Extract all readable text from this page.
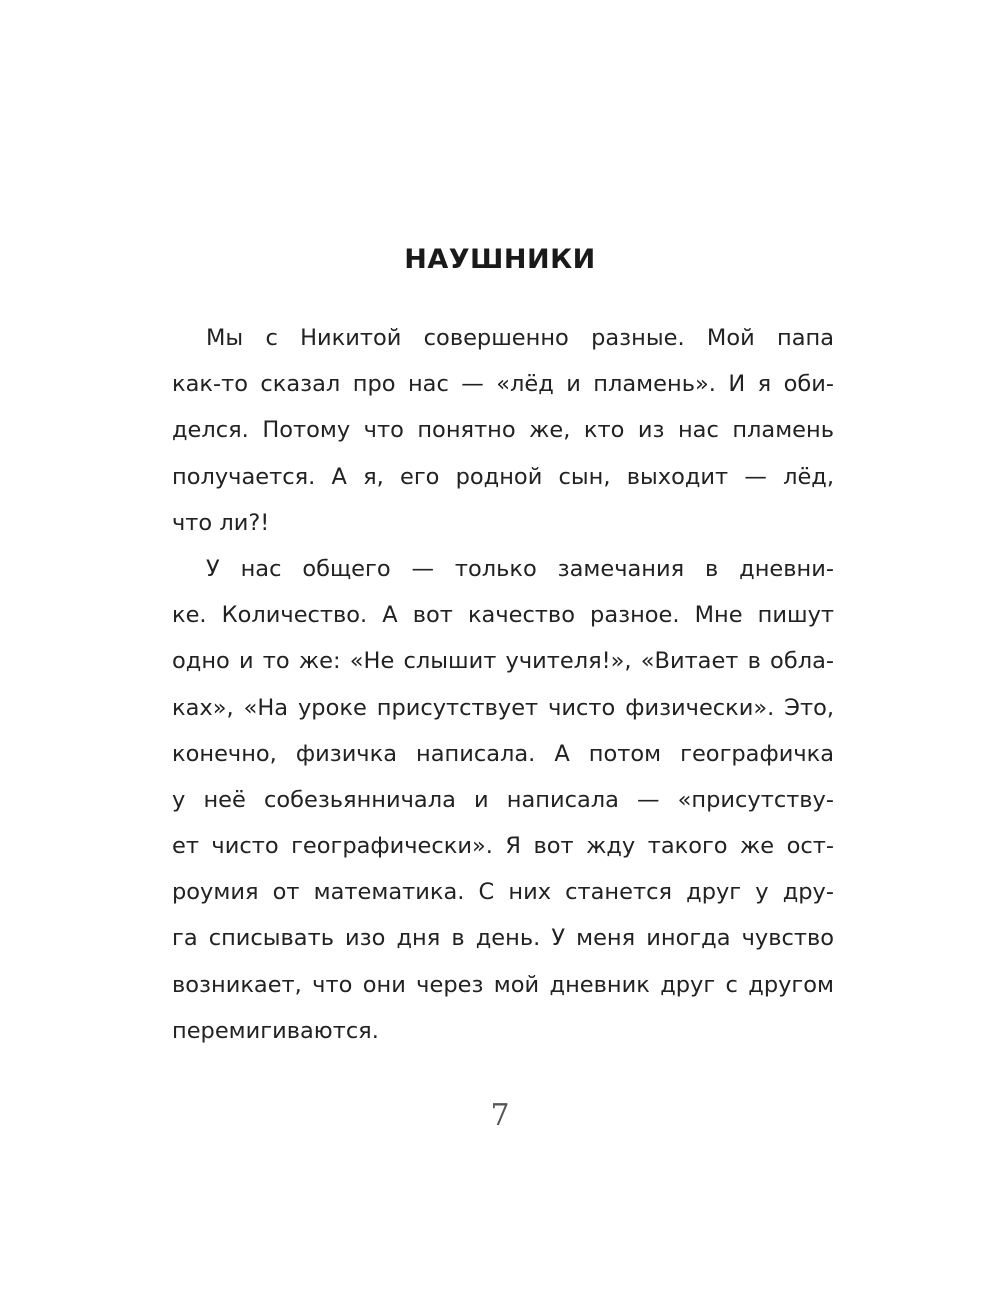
НАУШНИКИ
Мы с Никитой совершенно разные. Мой папа
как-то сказал про нас — «лёд и пламень». И я оби-
делся. Потому что понятно же, кто из нас пламень
получается. А я, его родной сын, выходит — лёд,
что ли?!
У нас общего — только замечания в дневни-
ке. Количество. А вот качество разное. Мне пишут
одно и то же: «Не слышит учителя!», «Витает в обла-
ках», «На уроке присутствует чисто физически». Это,
конечно, физичка написала. А потом географичка
у неё собезьянничала и написала — «присутству-
ет чисто географически». Я вот жду такого же ост-
роумия от математика. С них станется друг у дру-
га списывать изо дня в день. У меня иногда чувство
возникает, что они через мой дневник друг с другом
перемигиваются.
7
